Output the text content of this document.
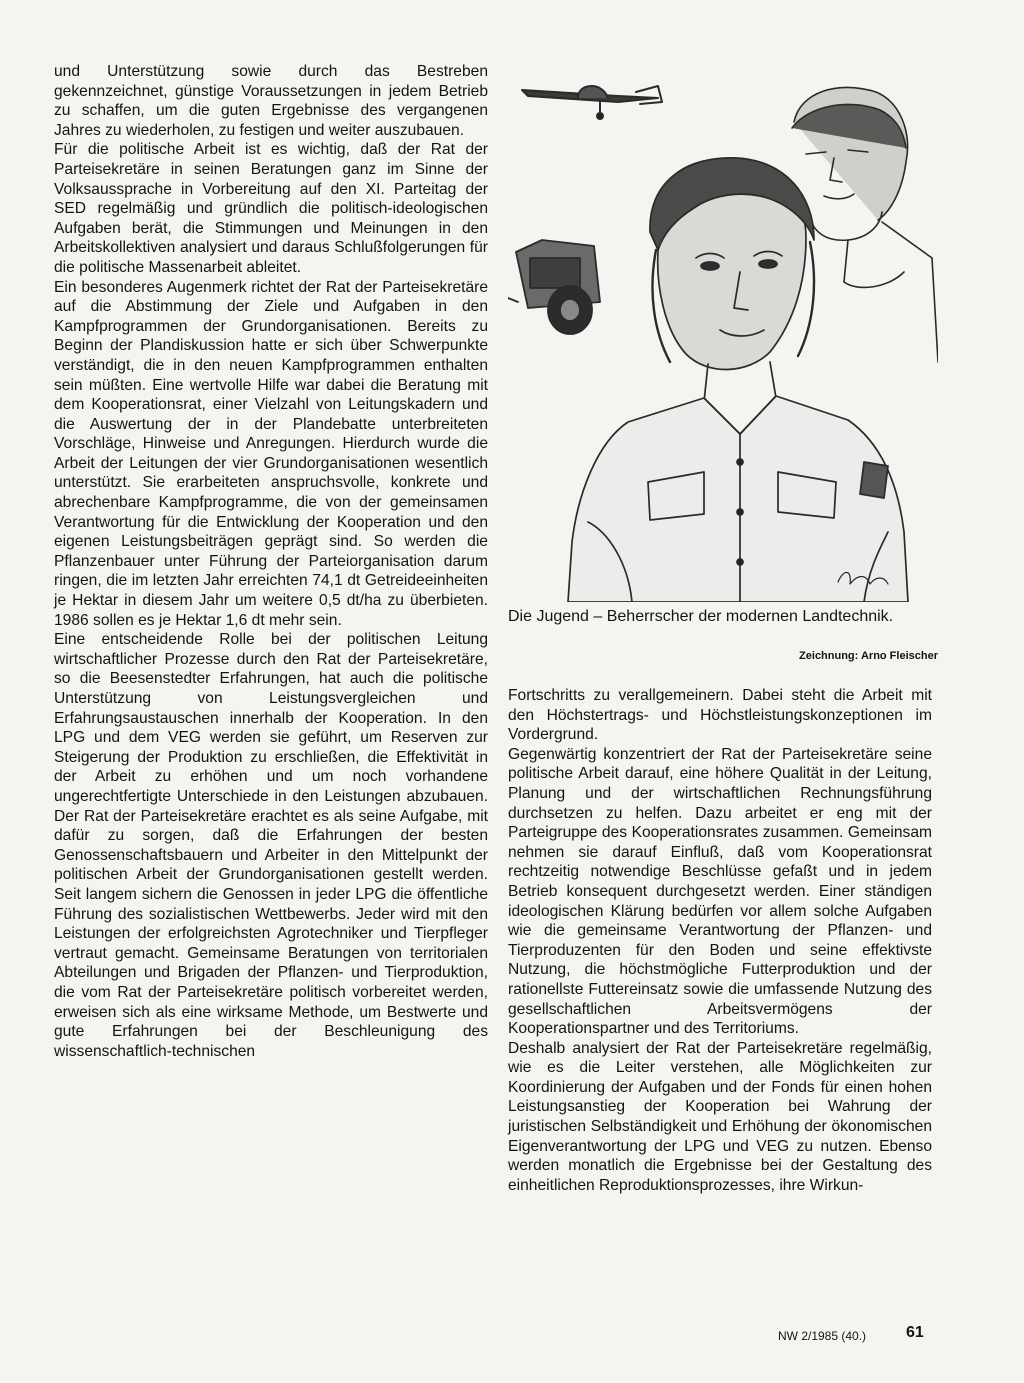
und Unterstützung sowie durch das Bestreben gekennzeichnet, günstige Voraussetzungen in jedem Betrieb zu schaffen, um die guten Ergebnisse des vergangenen Jahres zu wiederholen, zu festigen und weiter auszubauen.

Für die politische Arbeit ist es wichtig, daß der Rat der Parteisekretäre in seinen Beratungen ganz im Sinne der Volksaussprache in Vorbereitung auf den XI. Parteitag der SED regelmäßig und gründlich die politisch-ideologischen Aufgaben berät, die Stimmungen und Meinungen in den Arbeitskollektiven analysiert und daraus Schlußfolgerungen für die politische Massenarbeit ableitet.

Ein besonderes Augenmerk richtet der Rat der Parteisekretäre auf die Abstimmung der Ziele und Aufgaben in den Kampfprogrammen der Grundorganisationen. Bereits zu Beginn der Plandiskussion hatte er sich über Schwerpunkte verständigt, die in den neuen Kampfprogrammen enthalten sein müßten. Eine wertvolle Hilfe war dabei die Beratung mit dem Kooperationsrat, einer Vielzahl von Leitungskadern und die Auswertung der in der Plandebatte unterbreiteten Vorschläge, Hinweise und Anregungen. Hierdurch wurde die Arbeit der Leitungen der vier Grundorganisationen wesentlich unterstützt. Sie erarbeiteten anspruchsvolle, konkrete und abrechenbare Kampfprogramme, die von der gemeinsamen Verantwortung für die Entwicklung der Kooperation und den eigenen Leistungsbeiträgen geprägt sind. So werden die Pflanzenbauer unter Führung der Parteiorganisation darum ringen, die im letzten Jahr erreichten 74,1 dt Getreideeinheiten je Hektar in diesem Jahr um weitere 0,5 dt/ha zu überbieten. 1986 sollen es je Hektar 1,6 dt mehr sein.

Eine entscheidende Rolle bei der politischen Leitung wirtschaftlicher Prozesse durch den Rat der Parteisekretäre, so die Beesenstedter Erfahrungen, hat auch die politische Unterstützung von Leistungsvergleichen und Erfahrungsaustauschen innerhalb der Kooperation. In den LPG und dem VEG werden sie geführt, um Reserven zur Steigerung der Produktion zu erschließen, die Effektivität in der Arbeit zu erhöhen und um noch vorhandene ungerechtfertigte Unterschiede in den Leistungen abzubauen. Der Rat der Parteisekretäre erachtet es als seine Aufgabe, mit dafür zu sorgen, daß die Erfahrungen der besten Genossenschaftsbauern und Arbeiter in den Mittelpunkt der politischen Arbeit der Grundorganisationen gestellt werden. Seit langem sichern die Genossen in jeder LPG die öffentliche Führung des sozialistischen Wettbewerbs. Jeder wird mit den Leistungen der erfolgreichsten Agrotechniker und Tierpfleger vertraut gemacht. Gemeinsame Beratungen von territorialen Abteilungen und Brigaden der Pflanzen- und Tierproduktion, die vom Rat der Parteisekretäre politisch vorbereitet werden, erweisen sich als eine wirksame Methode, um Bestwerte und gute Erfahrungen bei der Beschleunigung des wissenschaftlich-technischen

Die Jugend – Beherrscher der modernen Landtechnik.
Zeichnung: Arno Fleischer

Fortschritts zu verallgemeinern. Dabei steht die Arbeit mit den Höchstertrags- und Höchstleistungskonzeptionen im Vordergrund.

Gegenwärtig konzentriert der Rat der Parteisekretäre seine politische Arbeit darauf, eine höhere Qualität in der Leitung, Planung und der wirtschaftlichen Rechnungsführung durchsetzen zu helfen. Dazu arbeitet er eng mit der Parteigruppe des Kooperationsrates zusammen. Gemeinsam nehmen sie darauf Einfluß, daß vom Kooperationsrat rechtzeitig notwendige Beschlüsse gefaßt und in jedem Betrieb konsequent durchgesetzt werden. Einer ständigen ideologischen Klärung bedürfen vor allem solche Aufgaben wie die gemeinsame Verantwortung der Pflanzen- und Tierproduzenten für den Boden und seine effektivste Nutzung, die höchstmögliche Futterproduktion und der rationellste Futtereinsatz sowie die umfassende Nutzung des gesellschaftlichen Arbeitsvermögens der Kooperationspartner und des Territoriums.

Deshalb analysiert der Rat der Parteisekretäre regelmäßig, wie es die Leiter verstehen, alle Möglichkeiten zur Koordinierung der Aufgaben und der Fonds für einen hohen Leistungsanstieg der Kooperation bei Wahrung der juristischen Selbständigkeit und Erhöhung der ökonomischen Eigenverantwortung der LPG und VEG zu nutzen. Ebenso werden monatlich die Ergebnisse bei der Gestaltung des einheitlichen Reproduktionsprozesses, ihre Wirkun-

NW 2/1985 (40.) 61
